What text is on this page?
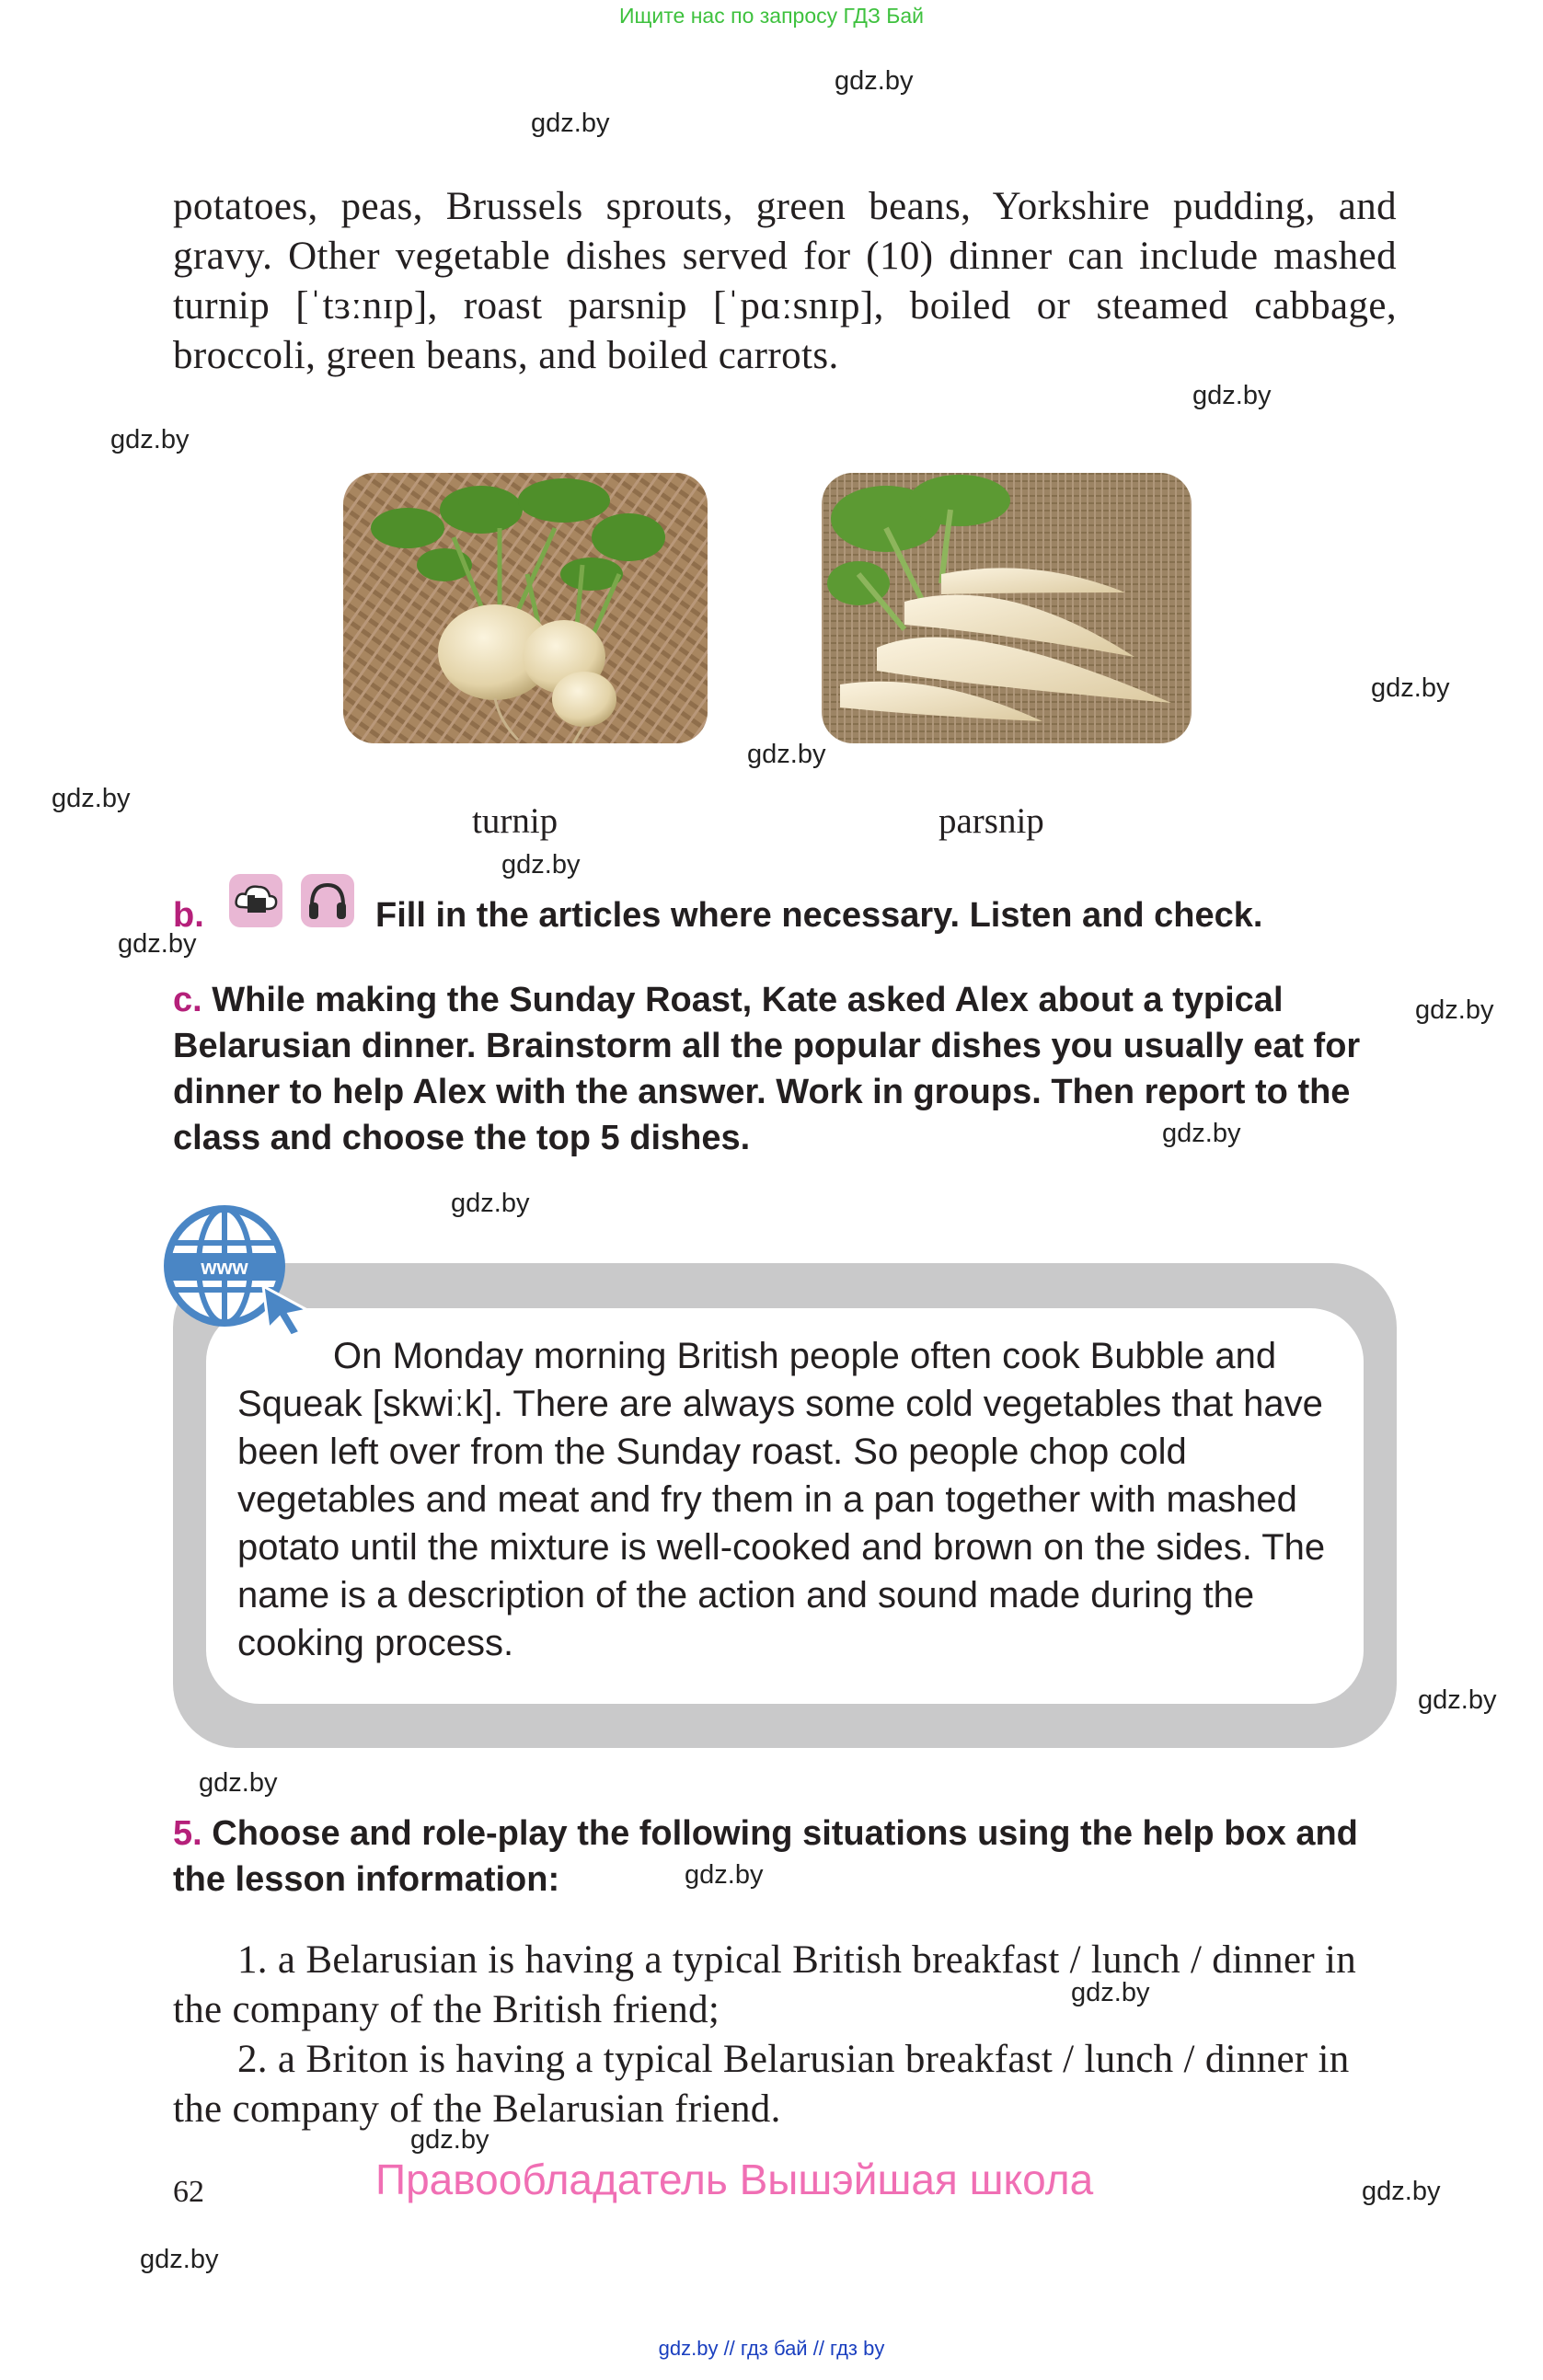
Ищите нас по запросу ГДЗ Бай
gdz.by
gdz.by
gdz.by
gdz.by
gdz.by
gdz.by
gdz.by
gdz.by
gdz.by
gdz.by
gdz.by
gdz.by
gdz.by
gdz.by
gdz.by
gdz.by
gdz.by
gdz.by
gdz.by

potatoes, peas, Brussels sprouts, green beans, Yorkshire pudding, and gravy. Other vegetable dishes served for (10) dinner can include mashed turnip [ˈtɜːnɪp], roast parsnip [ˈpɑːsnɪp], boiled or steamed cabbage, broccoli, green beans, and boiled carrots.

turnip	parsnip
b.	Fill in the articles where necessary. Listen and check.
c. While making the Sunday Roast, Kate asked Alex about a typical Belarusian dinner. Brainstorm all the popular dishes you usually eat for dinner to help Alex with the answer. Work in groups. Then report to the class and choose the top 5 dishes.
www

On Monday morning British people often cook Bubble and Squeak [skwiːk]. There are always some cold vegetables that have been left over from the Sunday roast. So people chop cold vegetables and meat and fry them in a pan together with mashed potato until the mixture is well-cooked and brown on the sides. The name is a description of the action and sound made during the cooking process.

5. Choose and role-play the following situations using the help box and the lesson information:

1. a Belarusian is having a typical British breakfast / lunch / dinner in the company of the British friend;

2. a Briton is having a typical Belarusian breakfast / lunch / dinner in the company of the Belarusian friend.

62	Правообладатель Вышэйшая школа
gdz.by // гдз бай // гдз by
